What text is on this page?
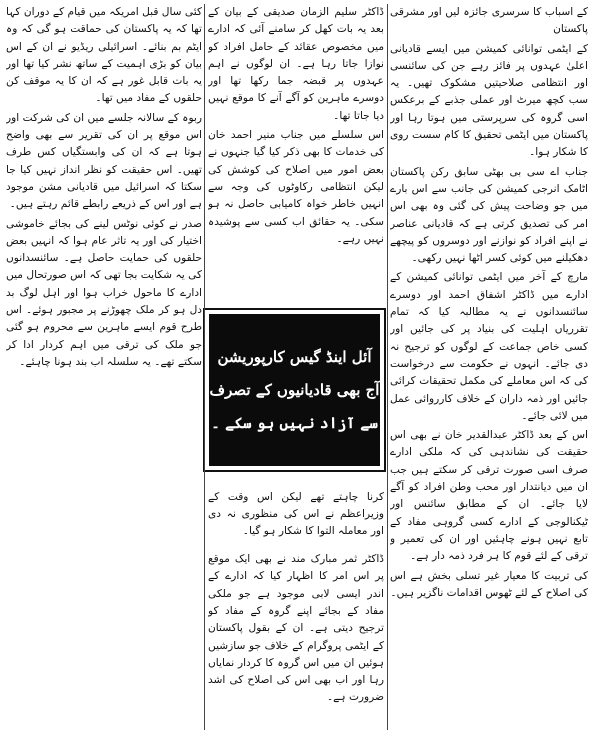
کے اسباب کا سرسری جائزہ لیں اور مشرقی پاکستان

کے ایٹمی توانائی کمیشن میں ایسے قادیانی اعلیٰ عہدوں پر فائز رہے جن کی سائنسی اور انتظامی صلاحیتیں مشکوک تھیں۔ یہ سب کچھ میرٹ اور عملی جذبے کے برعکس اسی گروہ کی سرپرستی میں ہوتا رہا اور پاکستان میں ایٹمی تحقیق کا کام سست روی کا شکار ہوا۔

جناب اے سی بی بھٹی سابق رکن پاکستان اٹامک انرجی کمیشن کی جانب سے اس بارے میں جو وضاحت پیش کی گئی وہ بھی اس امر کی تصدیق کرتی ہے کہ قادیانی عناصر نے اپنے افراد کو نوازنے اور دوسروں کو پیچھے دھکیلنے میں کوئی کسر اٹھا نہیں رکھی۔

مارچ کے آخر میں ایٹمی توانائی کمیشن کے ادارے میں ڈاکٹر اشفاق احمد اور دوسرے سائنسدانوں نے یہ مطالبہ کیا کہ تمام تقرریاں اہلیت کی بنیاد پر کی جائیں اور کسی خاص جماعت کے لوگوں کو ترجیح نہ دی جائے۔ انہوں نے حکومت سے درخواست کی کہ اس معاملے کی مکمل تحقیقات کرائی جائیں اور ذمہ داران کے خلاف کارروائی عمل میں لائی جائے۔

اس کے بعد ڈاکٹر عبدالقدیر خان نے بھی اس حقیقت کی نشاندہی کی کہ ملکی ادارے صرف اسی صورت ترقی کر سکتے ہیں جب ان میں دیانتدار اور محب وطن افراد کو آگے لایا جائے۔ ان کے مطابق سائنس اور ٹیکنالوجی کے ادارے کسی گروہی مفاد کے تابع نہیں ہونے چاہئیں اور ان کی تعمیر و ترقی کے لئے قوم کا ہر فرد ذمہ دار ہے۔

کی تربیت کا معیار غیر تسلی بخش ہے اس کی اصلاح کے لئے ٹھوس اقدامات ناگزیر ہیں۔

ڈاکٹر سلیم الزمان صدیقی کے بیان کے بعد یہ بات کھل کر سامنے آئی کہ ادارے میں مخصوص عقائد کے حامل افراد کو نوازا جاتا رہا ہے۔ ان لوگوں نے اہم عہدوں پر قبضہ جما رکھا تھا اور دوسرے ماہرین کو آگے آنے کا موقع نہیں دیا جاتا تھا۔

اس سلسلے میں جناب منیر احمد خان کی خدمات کا بھی ذکر کیا گیا جنہوں نے بعض امور میں اصلاح کی کوشش کی لیکن انتظامی رکاوٹوں کی وجہ سے انہیں خاطر خواہ کامیابی حاصل نہ ہو سکی۔ یہ حقائق اب کسی سے پوشیدہ نہیں رہے۔

آئل اینڈ گیس کارپوریشن
آج بھی قادیانیوں کے تصرف
سے آزاد نہیں ہو سکے ۔

کرنا چاہتے تھے لیکن اس وقت کے وزیراعظم نے اس کی منظوری نہ دی اور معاملہ التوا کا شکار ہو گیا۔

ڈاکٹر ثمر مبارک مند نے بھی ایک موقع پر اس امر کا اظہار کیا کہ ادارے کے اندر ایسی لابی موجود ہے جو ملکی مفاد کے بجائے اپنے گروہ کے مفاد کو ترجیح دیتی ہے۔ ان کے بقول پاکستان کے ایٹمی پروگرام کے خلاف جو سازشیں ہوئیں ان میں اس گروہ کا کردار نمایاں رہا اور اب بھی اس کی اصلاح کی اشد ضرورت ہے۔

کئی سال قبل امریکہ میں قیام کے دوران کہا تھا کہ یہ پاکستان کی حماقت ہو گی کہ وہ ایٹم بم بنائے۔ اسرائیلی ریڈیو نے ان کے اس بیان کو بڑی اہمیت کے ساتھ نشر کیا تھا اور یہ بات قابل غور ہے کہ ان کا یہ موقف کن حلقوں کے مفاد میں تھا۔

ربوہ کے سالانہ جلسے میں ان کی شرکت اور اس موقع پر ان کی تقریر سے بھی واضح ہوتا ہے کہ ان کی وابستگیاں کس طرف تھیں۔ اس حقیقت کو نظر انداز نہیں کیا جا سکتا کہ اسرائیل میں قادیانی مشن موجود ہے اور اس کے ذریعے رابطے قائم رہتے ہیں۔

صدر نے کوئی نوٹس لینے کی بجائے خاموشی اختیار کی اور یہ تاثر عام ہوا کہ انہیں بعض حلقوں کی حمایت حاصل ہے۔ سائنسدانوں کی یہ شکایت بجا تھی کہ اس صورتحال میں ادارے کا ماحول خراب ہوا اور اہل لوگ بد دل ہو کر ملک چھوڑنے پر مجبور ہوئے۔ اس طرح قوم ایسے ماہرین سے محروم ہو گئی جو ملک کی ترقی میں اہم کردار ادا کر سکتے تھے۔ یہ سلسلہ اب بند ہونا چاہئے۔
